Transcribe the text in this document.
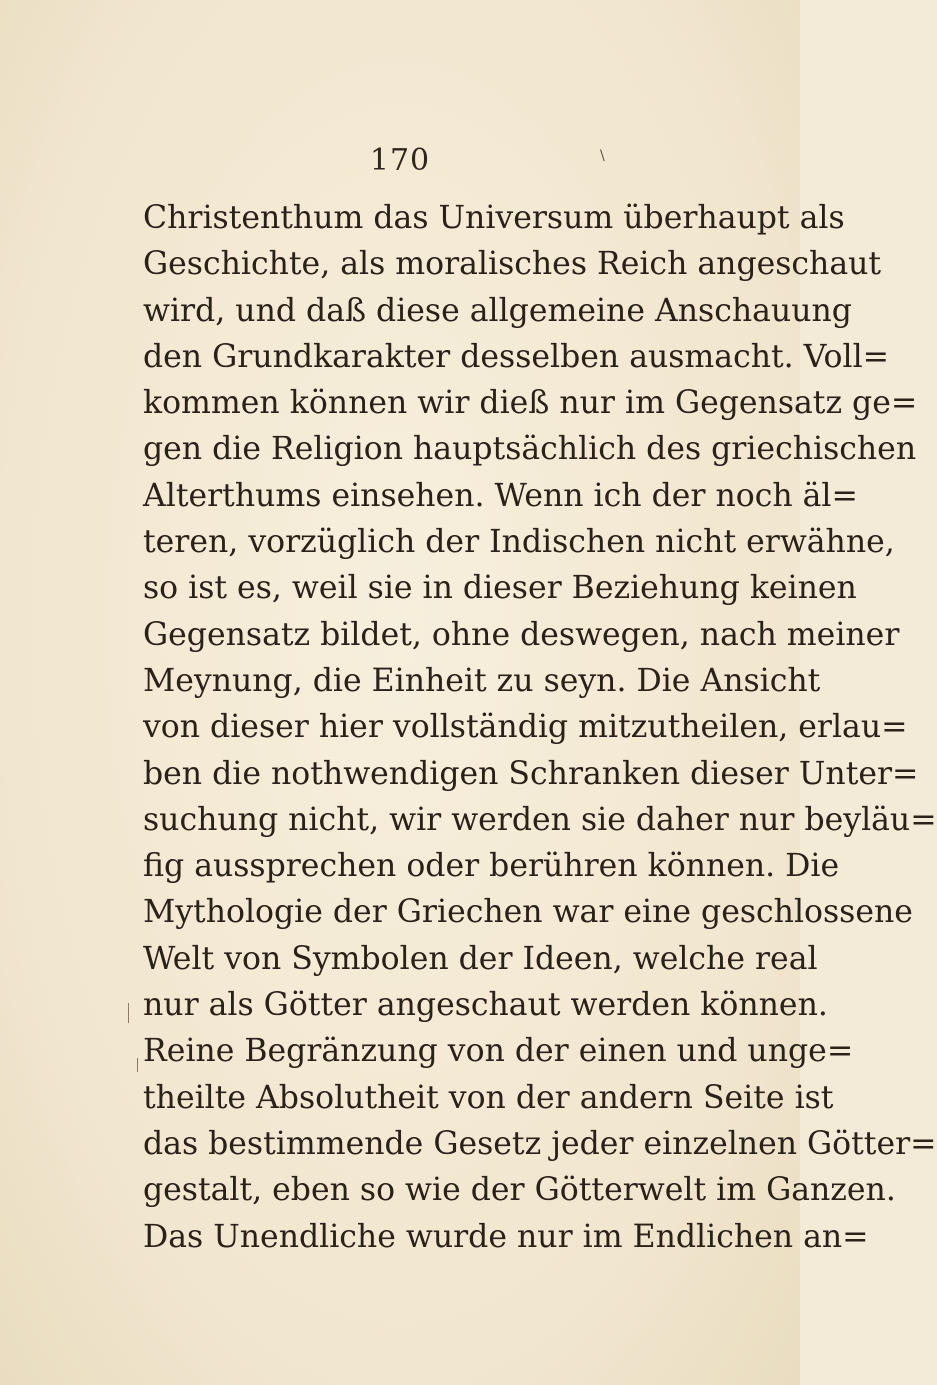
170	\
Christenthum das Universum überhaupt als
Geschichte, als moralisches Reich angeschaut
wird, und daß diese allgemeine Anschauung
den Grundkarakter desselben ausmacht. Voll=
kommen können wir dieß nur im Gegensatz ge=
gen die Religion hauptsächlich des griechischen
Alterthums einsehen. Wenn ich der noch äl=
teren, vorzüglich der Indischen nicht erwähne,
so ist es, weil sie in dieser Beziehung keinen
Gegensatz bildet, ohne deswegen, nach meiner
Meynung, die Einheit zu seyn. Die Ansicht
von dieser hier vollständig mitzutheilen, erlau=
ben die nothwendigen Schranken dieser Unter=
suchung nicht, wir werden sie daher nur beyläu=
fig aussprechen oder berühren können. Die
Mythologie der Griechen war eine geschlossene
Welt von Symbolen der Ideen, welche real
nur als Götter angeschaut werden können.
Reine Begränzung von der einen und unge=
theilte Absolutheit von der andern Seite ist
das bestimmende Gesetz jeder einzelnen Götter=
gestalt, eben so wie der Götterwelt im Ganzen.
Das Unendliche wurde nur im Endlichen an=
